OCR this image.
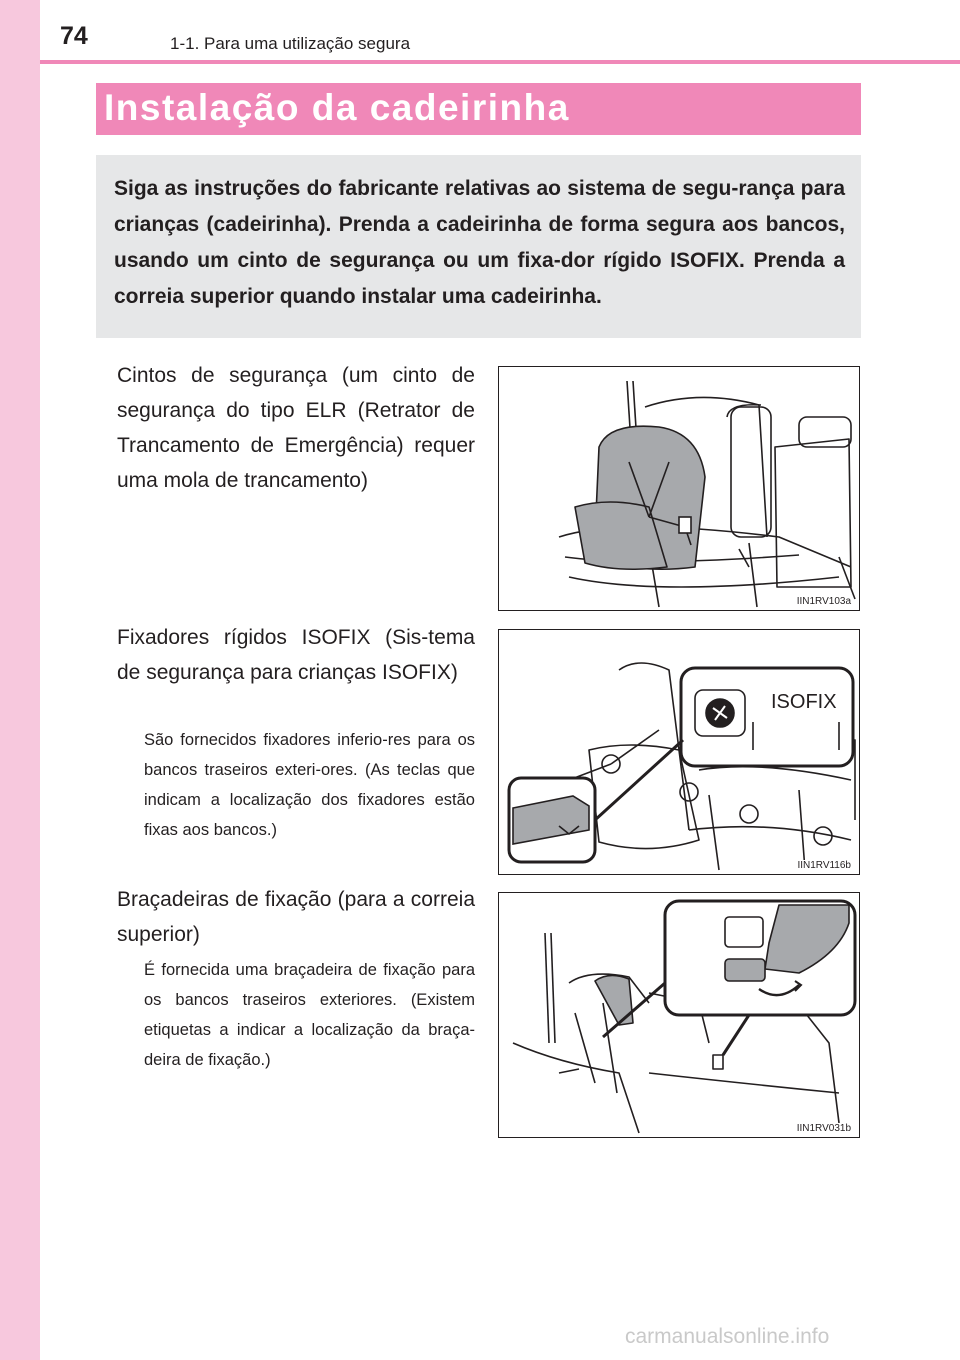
74	1-1. Para uma utilização segura
Instalação da cadeirinha

Siga as instruções do fabricante relativas ao sistema de segu-rança para crianças (cadeirinha). Prenda a cadeirinha de forma segura aos bancos, usando um cinto de segurança ou um fixa-dor rígido ISOFIX. Prenda a correia superior quando instalar uma cadeirinha.

Cintos de segurança (um cinto de segurança do tipo ELR (Retrator de Trancamento de Emergência) requer uma mola de trancamento)

IIN1RV103a

Fixadores rígidos ISOFIX (Sis-tema de segurança para crianças ISOFIX)

São fornecidos fixadores inferio-res para os bancos traseiros exteri-ores. (As teclas que indicam a localização dos fixadores estão fixas aos bancos.)

ISOFIX
IIN1RV116b

Braçadeiras de fixação (para a correia superior)

É fornecida uma braçadeira de fixação para os bancos traseiros exteriores. (Existem etiquetas a indicar a localização da braça-deira de fixação.)

IIN1RV031b
carmanualsonline.info
